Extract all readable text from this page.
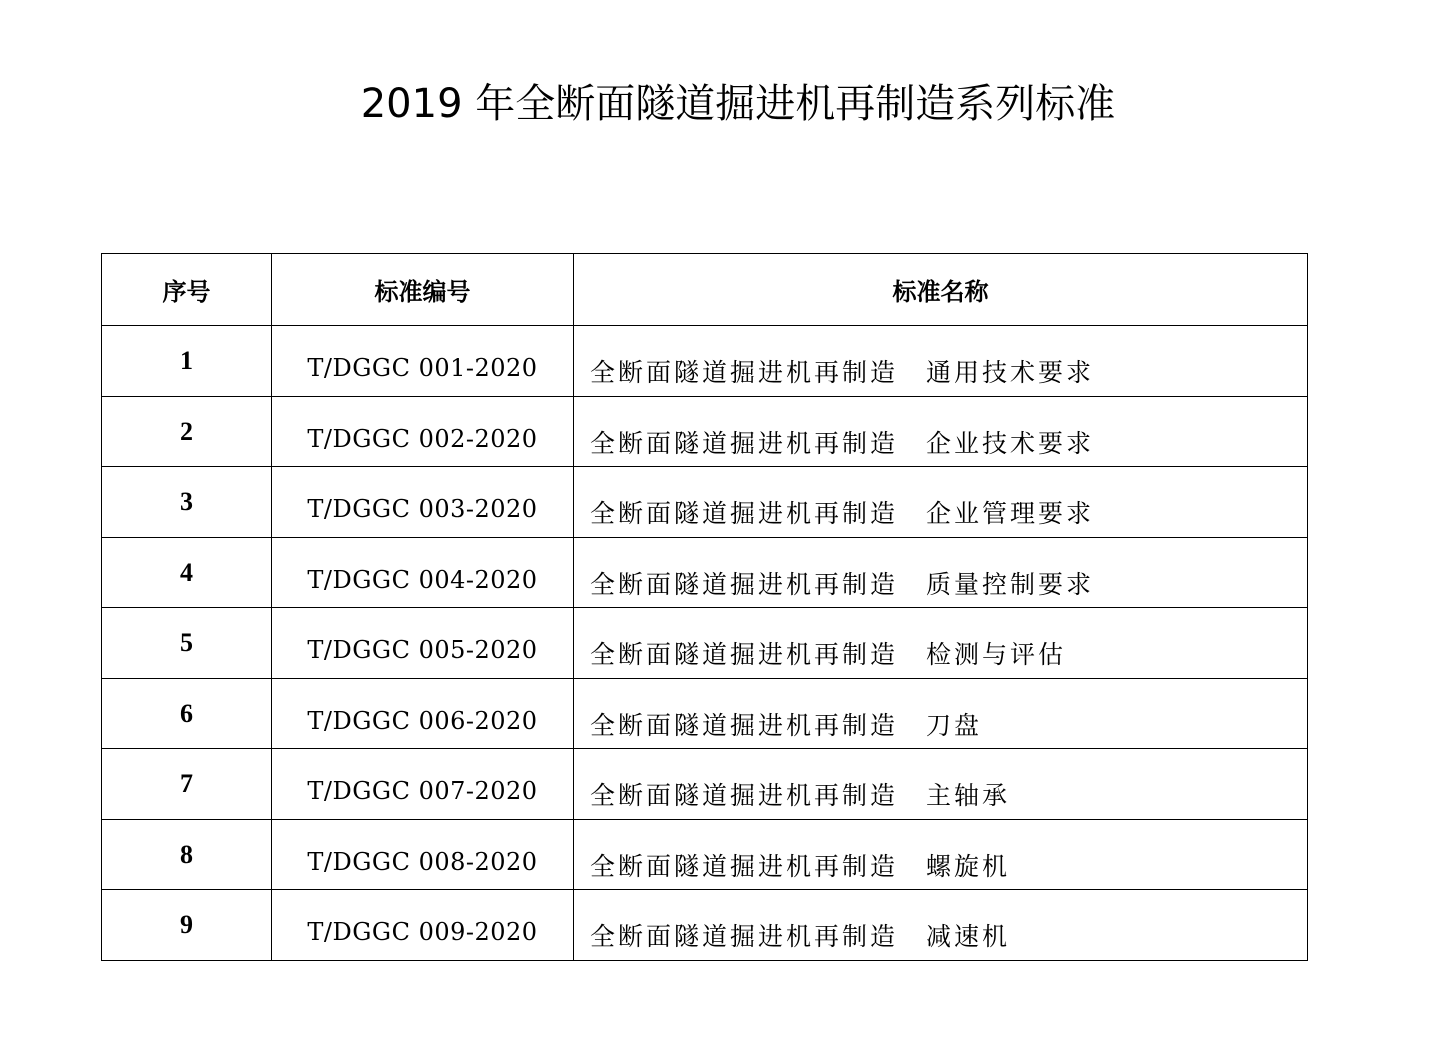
2019 年全断面隧道掘进机再制造系列标准
序号	标准编号	标准名称
1	T/DGGC 001-2020	全断面隧道掘进机再制造 通用技术要求
2	T/DGGC 002-2020	全断面隧道掘进机再制造 企业技术要求
3	T/DGGC 003-2020	全断面隧道掘进机再制造 企业管理要求
4	T/DGGC 004-2020	全断面隧道掘进机再制造 质量控制要求
5	T/DGGC 005-2020	全断面隧道掘进机再制造 检测与评估
6	T/DGGC 006-2020	全断面隧道掘进机再制造 刀盘
7	T/DGGC 007-2020	全断面隧道掘进机再制造 主轴承
8	T/DGGC 008-2020	全断面隧道掘进机再制造 螺旋机
9	T/DGGC 009-2020	全断面隧道掘进机再制造 减速机
